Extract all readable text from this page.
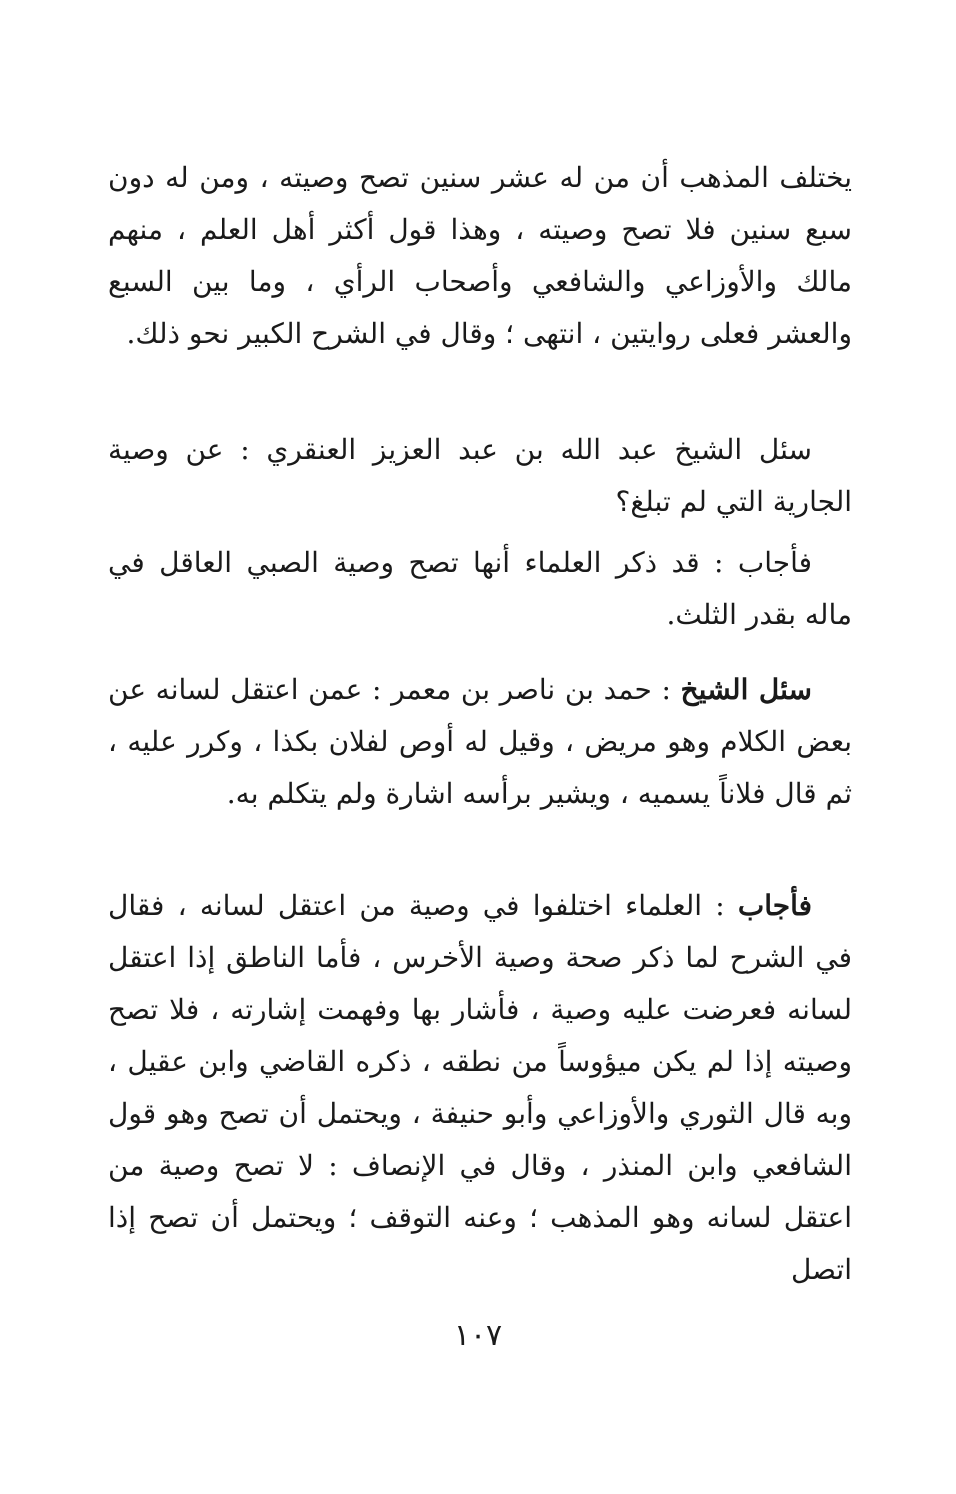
يختلف المذهب أن من له عشر سنين تصح وصيته ، ومن له دون سبع سنين فلا تصح وصيته ، وهذا قول أكثر أهل العلم ، منهم مالك والأوزاعي والشافعي وأصحاب الرأي ، وما بين السبع والعشر فعلى روايتين ، انتهى ؛ وقال في الشرح الكبير نحو ذلك.

سئل الشيخ عبد الله بن عبد العزيز العنقري : عن وصية الجارية التي لم تبلغ؟

فأجاب : قد ذكر العلماء أنها تصح وصية الصبي العاقل في ماله بقدر الثلث.

سئل الشيخ : حمد بن ناصر بن معمر : عمن اعتقل لسانه عن بعض الكلام وهو مريض ، وقيل له أوص لفلان بكذا ، وكرر عليه ، ثم قال فلاناً يسميه ، ويشير برأسه اشارة ولم يتكلم به.

فأجاب : العلماء اختلفوا في وصية من اعتقل لسانه ، فقال في الشرح لما ذكر صحة وصية الأخرس ، فأما الناطق إذا اعتقل لسانه فعرضت عليه وصية ، فأشار بها وفهمت إشارته ، فلا تصح وصيته إذا لم يكن ميؤوساً من نطقه ، ذكره القاضي وابن عقيل ، وبه قال الثوري والأوزاعي وأبو حنيفة ، ويحتمل أن تصح وهو قول الشافعي وابن المنذر ، وقال في الإنصاف : لا تصح وصية من اعتقل لسانه وهو المذهب ؛ وعنه التوقف ؛ ويحتمل أن تصح إذا اتصل

١٠٧
